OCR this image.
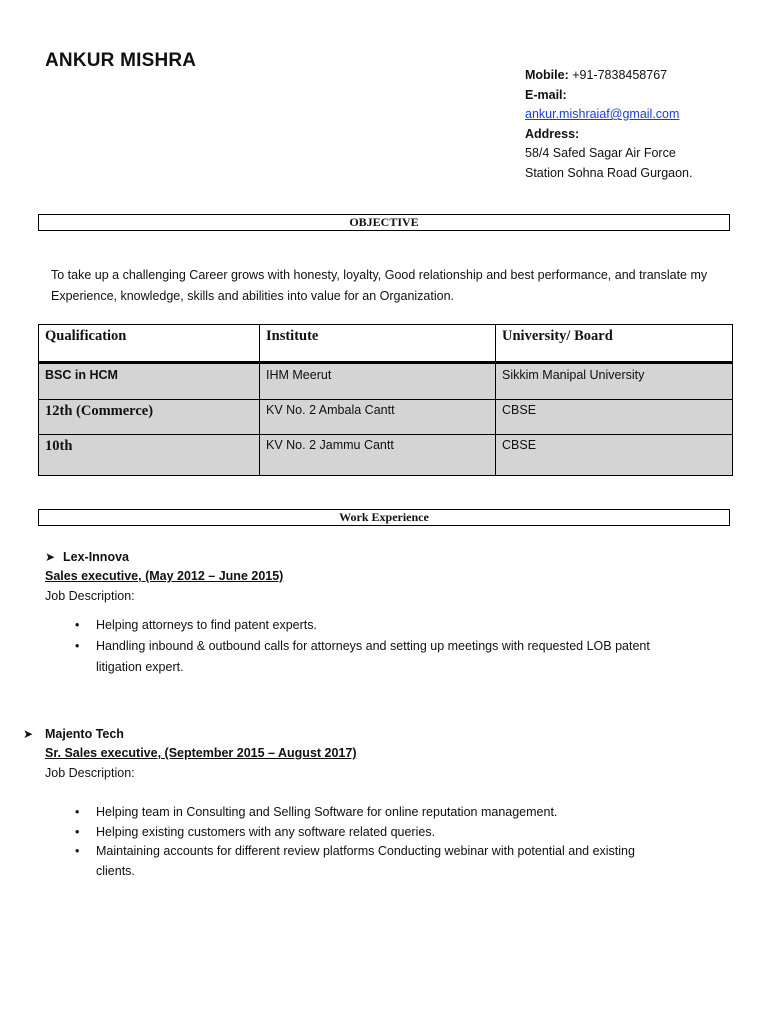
ANKUR MISHRA
Mobile: +91-7838458767
E-mail:
ankur.mishraiaf@gmail.com
Address:
58/4 Safed Sagar Air Force
Station Sohna Road Gurgaon.
OBJECTIVE
To take up a challenging Career grows with honesty, loyalty, Good relationship and best performance, and translate my Experience, knowledge, skills and abilities into value for an Organization.
Qualification	Institute	University/ Board
BSC in HCM	IHM Meerut	Sikkim Manipal University
12th (Commerce)	KV No. 2 Ambala Cantt	CBSE
10th	KV No. 2 Jammu Cantt	CBSE
Work Experience
➤ Lex-Innova
Sales executive, (May 2012 – June 2015)
Job Description:
• Helping attorneys to find patent experts.
• Handling inbound & outbound calls for attorneys and setting up meetings with requested LOB patent
litigation expert.
➤ Majento Tech
Sr. Sales executive, (September 2015 – August 2017)
Job Description:
• Helping team in Consulting and Selling Software for online reputation management.
• Helping existing customers with any software related queries.
• Maintaining accounts for different review platforms Conducting webinar with potential and existing
clients.
